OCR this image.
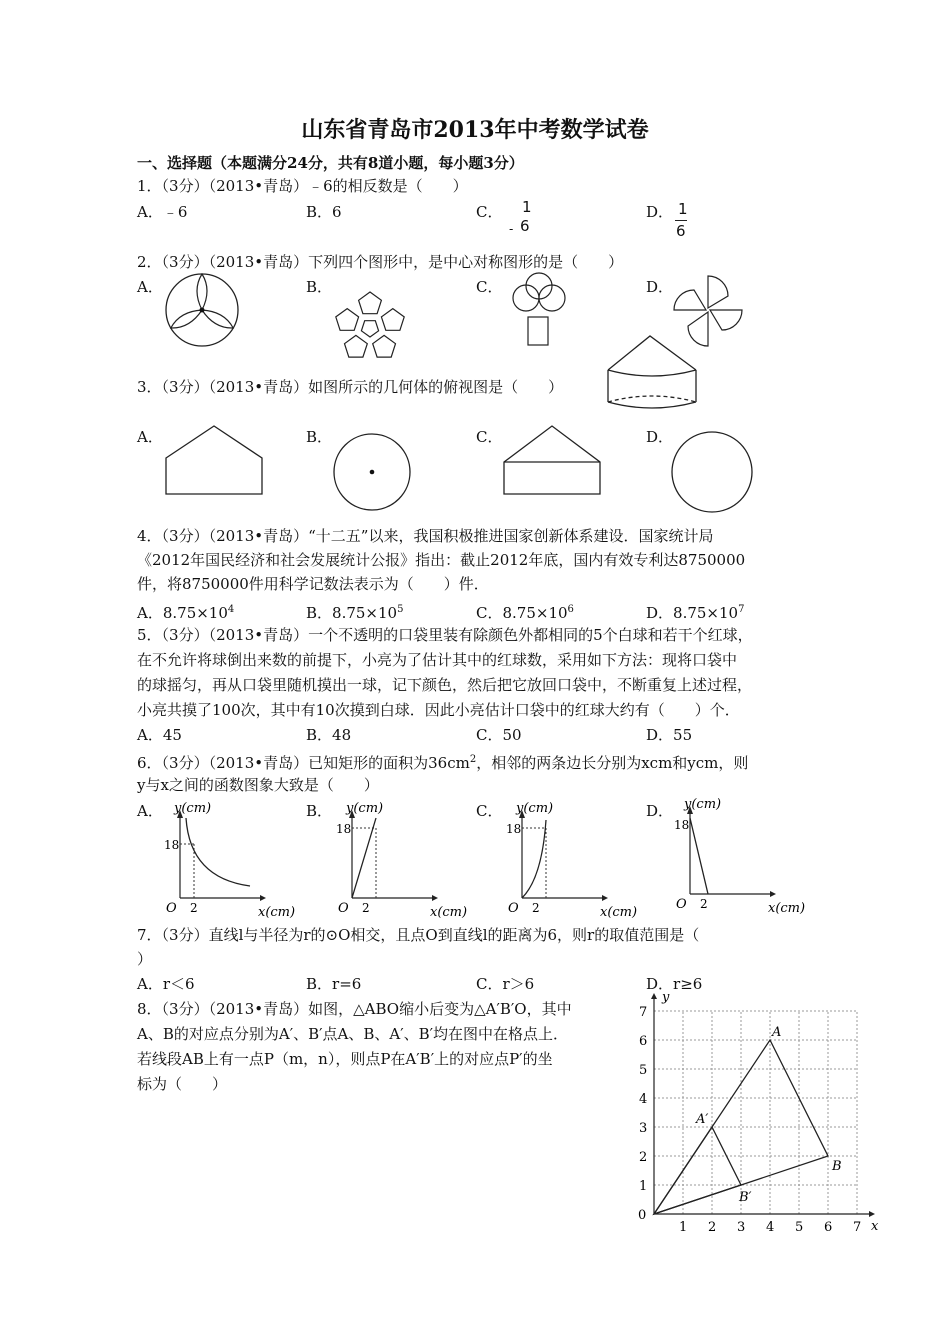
山东省青岛市2013年中考数学试卷
一、选择题（本题满分24分，共有8道小题，每小题3分）
1．（3分）（2013•青岛）﹣6的相反数是（　　）
A．﹣6	B．6	C． 1
- 6
D． 1
6
2．（3分）（2013•青岛）下列四个图形中，是中心对称图形的是（　　）
A．	B．	C．	D．
3．（3分）（2013•青岛）如图所示的几何体的俯视图是（　　）
A．	B．	C．	D．
4．（3分）（2013•青岛）“十二五”以来，我国积极推进国家创新体系建设．国家统计局
《2012年国民经济和社会发展统计公报》指出：截止2012年底，国内有效专利达8750000
件，将8750000件用科学记数法表示为（　　）件．
A．$8.75\times 10^4$	B．$8.75\times 10^5$	C．$8.75\times 10^6$	D．$8.75\times 10^7$
5．（3分）（2013•青岛）一个不透明的口袋里装有除颜色外都相同的5个白球和若干个红球，
在不允许将球倒出来数的前提下，小亮为了估计其中的红球数，采用如下方法：现将口袋中
的球摇匀，再从口袋里随机摸出一球，记下颜色，然后把它放回口袋中，不断重复上述过程，
小亮共摸了100次，其中有10次摸到白球．因此小亮估计口袋中的红球大约有（　　）个．
A．45	B．48	C．50	D．55
6．（3分）（2013•青岛）已知矩形的面积为$36cm^2$，相邻的两条边长分别为xcm和ycm，则
y与x之间的函数图象大致是（　　）
A．	B．	C．	D．
y(cm)
x(cm)
O 2
18
y(cm)
x(cm)
O 2
18
y(cm)
x(cm)
O 2
18
y(cm)
x(cm)
O 2
18
7．（3分）直线l与半径为r的⊙O相交，且点O到直线l的距离为6，则r的取值范围是（
）
A．r＜6	B．r=6	C．r＞6	D．r≥6
8．（3分）（2013•青岛）如图，△ABO缩小后变为△A′B′O，其中
A、B的对应点分别为A′、B′点A、B、A′、B′均在图中在格点上．
若线段AB上有一点P（m，n），则点P在A′B′上的对应点P′的坐
标为（　　）
1 2 3 4 5 6 7
1
2
3
4
5
6
7
0
x
y
A
B
A′
B′
